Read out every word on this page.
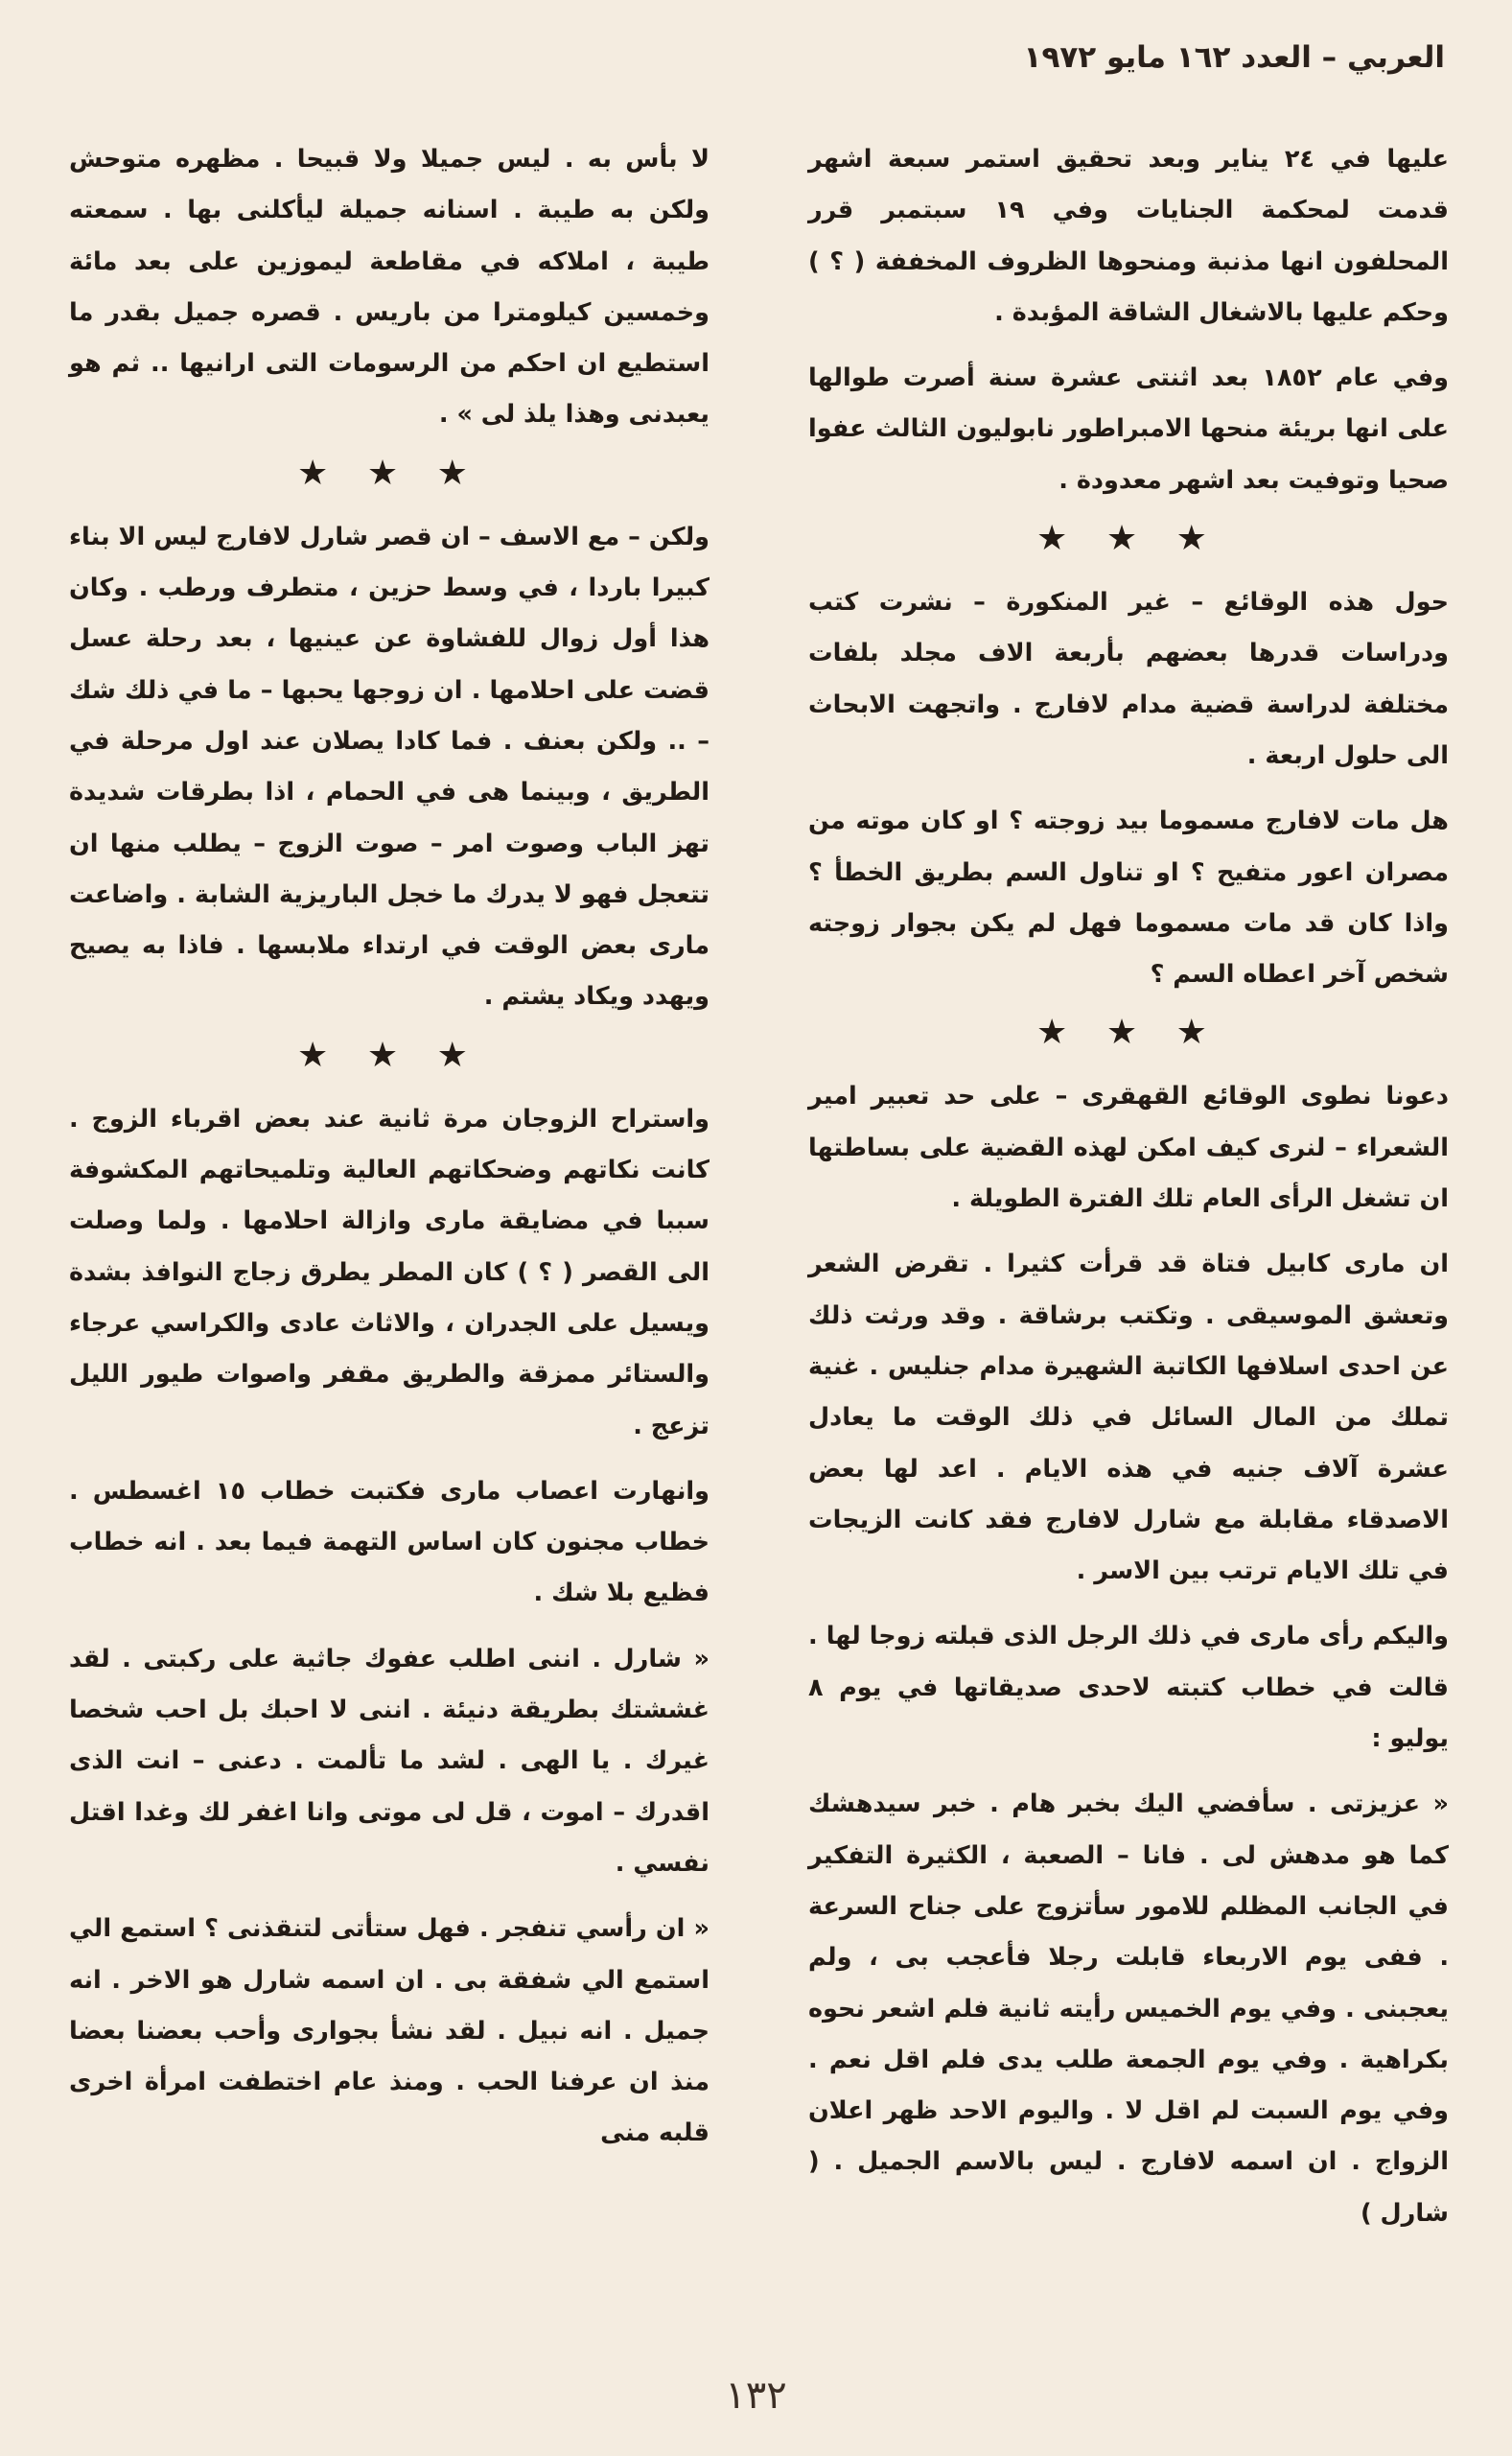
العربي – العدد ١٦٢ مايو ١٩٧٢

عليها في ٢٤ يناير وبعد تحقيق استمر سبعة اشهر قدمت لمحكمة الجنايات وفي ١٩ سبتمبر قرر المحلفون انها مذنبة ومنحوها الظروف المخففة ( ؟ ) وحكم عليها بالاشغال الشاقة المؤبدة .

وفي عام ١٨٥٢ بعد اثنتى عشرة سنة أصرت طوالها على انها بريئة منحها الامبراطور نابوليون الثالث عفوا صحيا وتوفيت بعد اشهر معدودة .

★ ★ ★

حول هذه الوقائع – غير المنكورة – نشرت كتب ودراسات قدرها بعضهم بأربعة الاف مجلد بلفات مختلفة لدراسة قضية مدام لافارج . واتجهت الابحاث الى حلول اربعة .

هل مات لافارج مسموما بيد زوجته ؟ او كان موته من مصران اعور متفيح ؟ او تناول السم بطريق الخطأ ؟ واذا كان قد مات مسموما فهل لم يكن بجوار زوجته شخص آخر اعطاه السم ؟

★ ★ ★

دعونا نطوى الوقائع القهقرى – على حد تعبير امير الشعراء – لنرى كيف امكن لهذه القضية على بساطتها ان تشغل الرأى العام تلك الفترة الطويلة .

ان مارى كابيل فتاة قد قرأت كثيرا . تقرض الشعر وتعشق الموسيقى . وتكتب برشاقة . وقد ورثت ذلك عن احدى اسلافها الكاتبة الشهيرة مدام جنليس . غنية تملك من المال السائل في ذلك الوقت ما يعادل عشرة آلاف جنيه في هذه الايام . اعد لها بعض الاصدقاء مقابلة مع شارل لافارج فقد كانت الزيجات في تلك الايام ترتب بين الاسر .

واليكم رأى مارى في ذلك الرجل الذى قبلته زوجا لها . قالت في خطاب كتبته لاحدى صديقاتها في يوم ٨ يوليو :

« عزيزتى . سأفضي اليك بخبر هام . خبر سيدهشك كما هو مدهش لى . فانا – الصعبة ، الكثيرة التفكير في الجانب المظلم للامور سأتزوج على جناح السرعة . ففى يوم الاربعاء قابلت رجلا فأعجب بى ، ولم يعجبنى . وفي يوم الخميس رأيته ثانية فلم اشعر نحوه بكراهية . وفي يوم الجمعة طلب يدى فلم اقل نعم . وفي يوم السبت لم اقل لا . واليوم الاحد ظهر اعلان الزواج . ان اسمه لافارج . ليس بالاسم الجميل . ( شارل )

لا بأس به . ليس جميلا ولا قبيحا . مظهره متوحش ولكن به طيبة . اسنانه جميلة ليأكلنى بها . سمعته طيبة ، املاكه في مقاطعة ليموزين على بعد مائة وخمسين كيلومترا من باريس . قصره جميل بقدر ما استطيع ان احكم من الرسومات التى ارانيها .. ثم هو يعبدنى وهذا يلذ لى » .

★ ★ ★

ولكن – مع الاسف – ان قصر شارل لافارج ليس الا بناء كبيرا باردا ، في وسط حزين ، متطرف ورطب . وكان هذا أول زوال للفشاوة عن عينيها ، بعد رحلة عسل قضت على احلامها . ان زوجها يحبها – ما في ذلك شك – .. ولكن بعنف . فما كادا يصلان عند اول مرحلة في الطريق ، وبينما هى في الحمام ، اذا بطرقات شديدة تهز الباب وصوت امر – صوت الزوج – يطلب منها ان تتعجل فهو لا يدرك ما خجل الباريزية الشابة . واضاعت مارى بعض الوقت في ارتداء ملابسها . فاذا به يصيح ويهدد ويكاد يشتم .

★ ★ ★

واستراح الزوجان مرة ثانية عند بعض اقرباء الزوج . كانت نكاتهم وضحكاتهم العالية وتلميحاتهم المكشوفة سببا في مضايقة مارى وازالة احلامها . ولما وصلت الى القصر ( ؟ ) كان المطر يطرق زجاج النوافذ بشدة ويسيل على الجدران ، والاثاث عادى والكراسي عرجاء والستائر ممزقة والطريق مقفر واصوات طيور الليل تزعج .

وانهارت اعصاب مارى فكتبت خطاب ١٥ اغسطس . خطاب مجنون كان اساس التهمة فيما بعد . انه خطاب فظيع بلا شك .

« شارل . اننى اطلب عفوك جاثية على ركبتى . لقد غششتك بطريقة دنيئة . اننى لا احبك بل احب شخصا غيرك . يا الهى . لشد ما تألمت . دعنى – انت الذى اقدرك – اموت ، قل لى موتى وانا اغفر لك وغدا اقتل نفسي .

« ان رأسي تنفجر . فهل ستأتى لتنقذنى ؟ استمع الي استمع الي شفقة بى . ان اسمه شارل هو الاخر . انه جميل . انه نبيل . لقد نشأ بجوارى وأحب بعضنا بعضا منذ ان عرفنا الحب . ومنذ عام اختطفت امرأة اخرى قلبه منى

١٣٢
